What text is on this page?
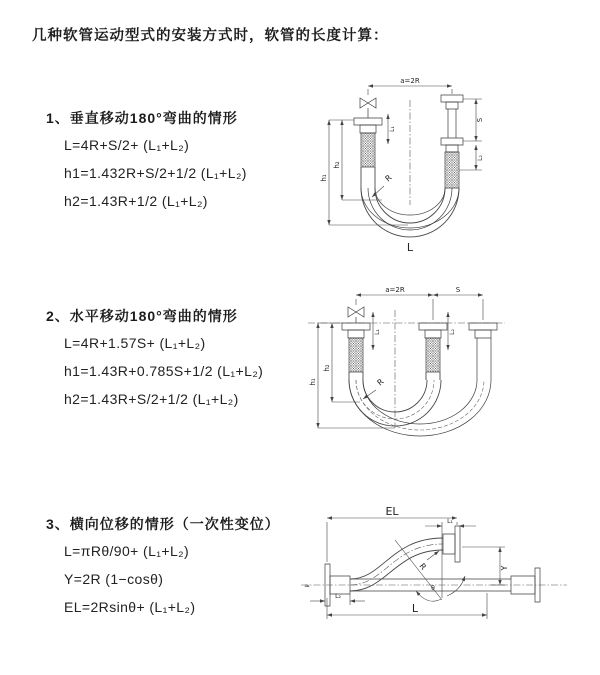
几种软管运动型式的安装方式时，软管的长度计算：

1、垂直移动180°弯曲的情形

L=4R+S/2+ (L₁+L₂)

h1=1.432R+S/2+1/2 (L₁+L₂)

h2=1.43R+1/2 (L₁+L₂)

2、水平移动180°弯曲的情形

L=4R+1.57S+ (L₁+L₂)

h1=1.43R+0.785S+1/2 (L₁+L₂)

h2=1.43R+S/2+1/2 (L₁+L₂)

3、横向位移的情形（一次性变位）

L=πRθ/90+ (L₁+L₂)

Y=2R (1−cosθ)

EL=2Rsinθ+ (L₁+L₂)

a=2R
h₁
h₂
L₁
S
L₂
R
L
a=2R	S
L₁	L₂
h₁
h₂
R
≈
EL
L₁
θ
R	Y
L
L₂
